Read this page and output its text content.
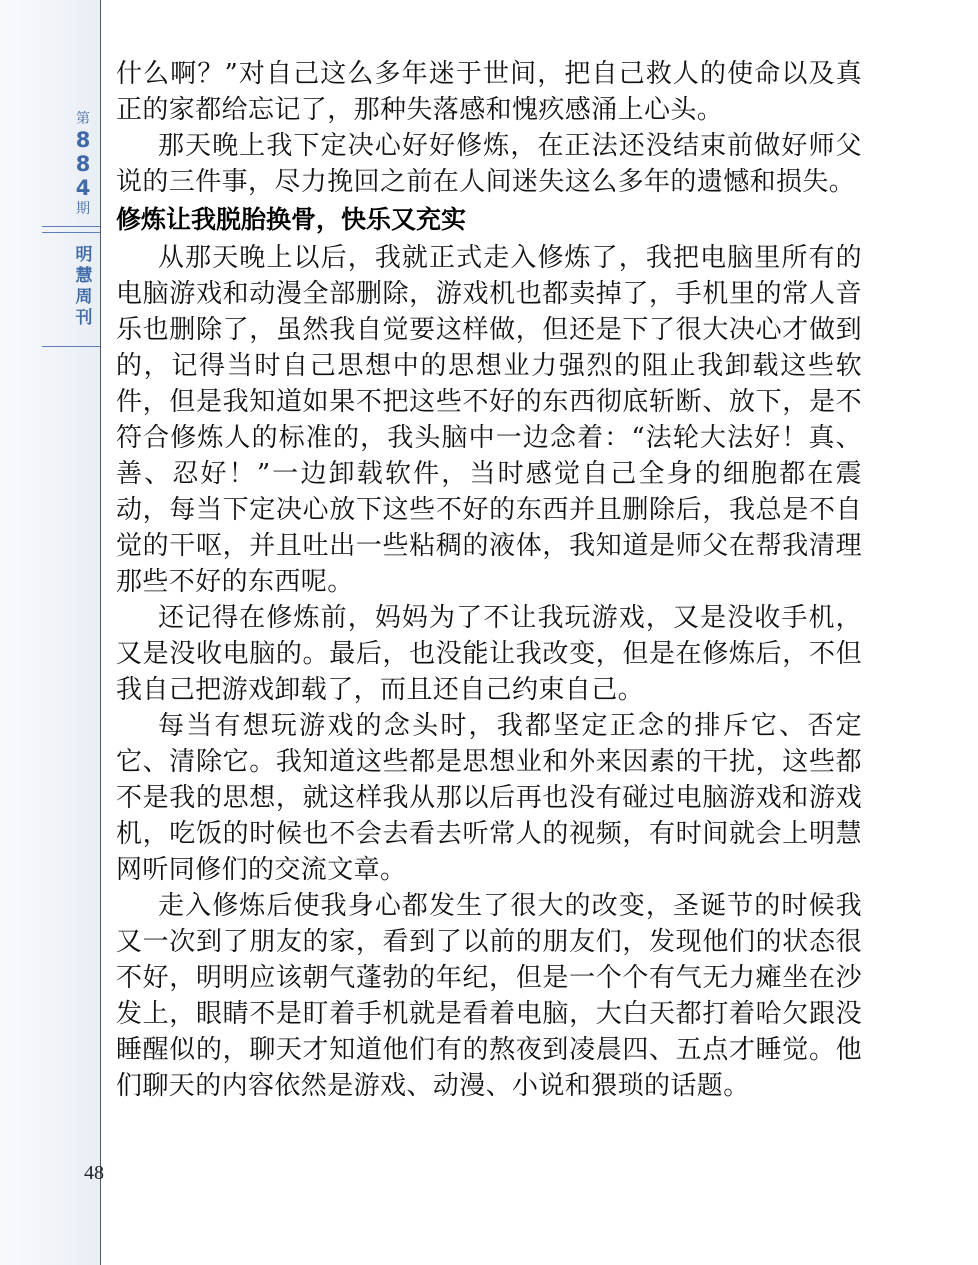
第
8
8
4
期
明
慧
周
刊
48

什么啊？”对自己这么多年迷于世间，把自己救人的使命以及真正的家都给忘记了，那种失落感和愧疚感涌上心头。

那天晚上我下定决心好好修炼，在正法还没结束前做好师父说的三件事，尽力挽回之前在人间迷失这么多年的遗憾和损失。

修炼让我脱胎换骨，快乐又充实

从那天晚上以后，我就正式走入修炼了，我把电脑里所有的电脑游戏和动漫全部删除，游戏机也都卖掉了，手机里的常人音乐也删除了，虽然我自觉要这样做，但还是下了很大决心才做到的，记得当时自己思想中的思想业力强烈的阻止我卸载这些软件，但是我知道如果不把这些不好的东西彻底斩断、放下，是不符合修炼人的标准的，我头脑中一边念着：“法轮大法好！真、善、忍好！”一边卸载软件，当时感觉自己全身的细胞都在震动，每当下定决心放下这些不好的东西并且删除后，我总是不自觉的干呕，并且吐出一些粘稠的液体，我知道是师父在帮我清理那些不好的东西呢。

还记得在修炼前，妈妈为了不让我玩游戏，又是没收手机，又是没收电脑的。最后，也没能让我改变，但是在修炼后，不但我自己把游戏卸载了，而且还自己约束自己。

每当有想玩游戏的念头时，我都坚定正念的排斥它、否定它、清除它。我知道这些都是思想业和外来因素的干扰，这些都不是我的思想，就这样我从那以后再也没有碰过电脑游戏和游戏机，吃饭的时候也不会去看去听常人的视频，有时间就会上明慧网听同修们的交流文章。

走入修炼后使我身心都发生了很大的改变，圣诞节的时候我又一次到了朋友的家，看到了以前的朋友们，发现他们的状态很不好，明明应该朝气蓬勃的年纪，但是一个个有气无力瘫坐在沙发上，眼睛不是盯着手机就是看着电脑，大白天都打着哈欠跟没睡醒似的，聊天才知道他们有的熬夜到凌晨四、五点才睡觉。他们聊天的内容依然是游戏、动漫、小说和猥琐的话题。
